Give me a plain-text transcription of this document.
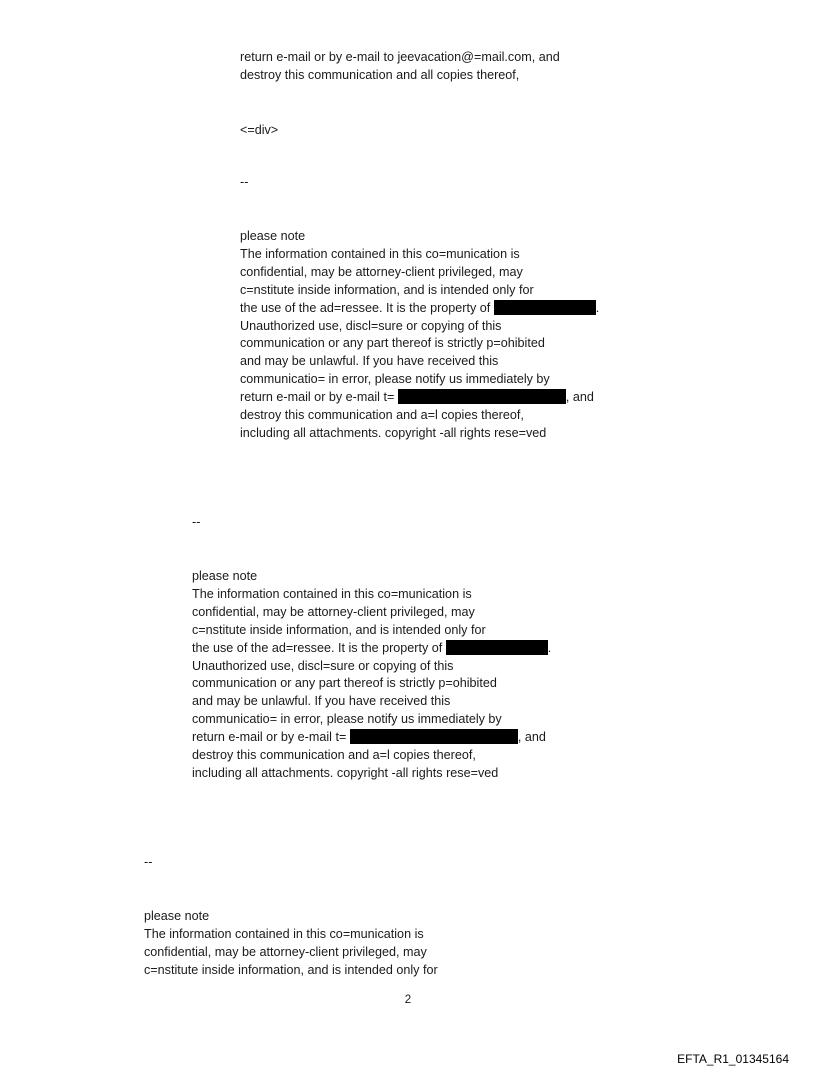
return e-mail or by e-mail to jeevacation@=mail.com, and
destroy this communication and all copies thereof,
<=div>
--
please note
The information contained in this co=munication is
confidential, may be attorney-client privileged, may
c=nstitute inside information, and is intended only for
the use of the ad=ressee. It is the property of	.
Unauthorized use, discl=sure or copying of this
communication or any part thereof is strictly p=ohibited
and may be unlawful. If you have received this
communicatio= in error, please notify us immediately by
return e-mail or by e-mail t=	, and
destroy this communication and a=l copies thereof,
including all attachments. copyright -all rights rese=ved
--
please note
The information contained in this co=munication is
confidential, may be attorney-client privileged, may
c=nstitute inside information, and is intended only for
the use of the ad=ressee. It is the property of	.
Unauthorized use, discl=sure or copying of this
communication or any part thereof is strictly p=ohibited
and may be unlawful. If you have received this
communicatio= in error, please notify us immediately by
return e-mail or by e-mail t=	, and
destroy this communication and a=l copies thereof,
including all attachments. copyright -all rights rese=ved
--
please note
The information contained in this co=munication is
confidential, may be attorney-client privileged, may
c=nstitute inside information, and is intended only for
2
EFTA_R1_01345164
